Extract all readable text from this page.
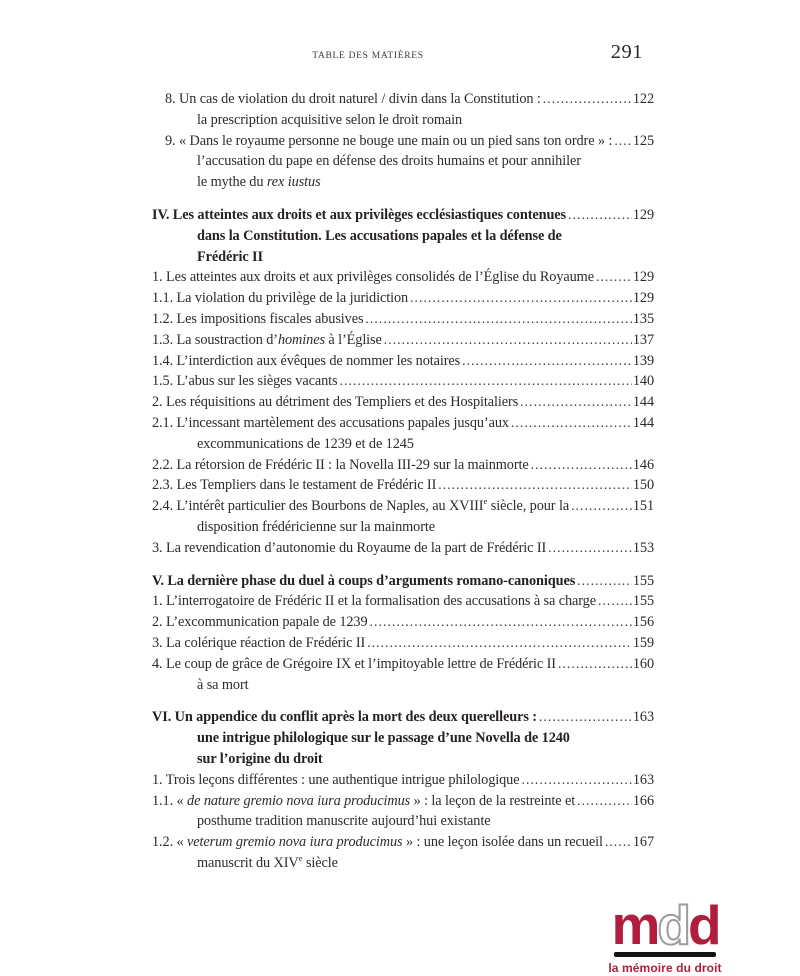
TABLE DES MATIÈRES	291
8. Un cas de violation du droit naturel / divin dans la Constitution : .....	122
la prescription acquisitive selon le droit romain
9. « Dans le royaume personne ne bouge une main ou un pied sans ton ordre » : ..... 125
l’accusation du pape en défense des droits humains et pour annihiler
le mythe du rex iustus
IV. Les atteintes aux droits et aux privilèges ecclésiastiques contenues .....	129
dans la Constitution. Les accusations papales et la défense de
Frédéric II
1. Les atteintes aux droits et aux privilèges consolidés de l’Église du Royaume .....	129
1.1. La violation du privilège de la juridiction .....	129
1.2. Les impositions fiscales abusives .....	135
1.3. La soustraction d’homines à l’Église .....	137
1.4. L’interdiction aux évêques de nommer les notaires .....	139
1.5. L’abus sur les sièges vacants .....	140
2. Les réquisitions au détriment des Templiers et des Hospitaliers .....	144
2.1. L’incessant martèlement des accusations papales jusqu’aux .....	144
excommunications de 1239 et de 1245
2.2. La rétorsion de Frédéric II : la Novella III-29 sur la mainmorte .....	146
2.3. Les Templiers dans le testament de Frédéric II .....	150
2.4. L’intérêt particulier des Bourbons de Naples, au XVIIIe siècle, pour la .....	151
disposition frédéricienne sur la mainmorte
3. La revendication d’autonomie du Royaume de la part de Frédéric II .....	153
V. La dernière phase du duel à coups d’arguments romano-canoniques .....	155
1. L’interrogatoire de Frédéric II et la formalisation des accusations à sa charge .....	155
2. L’excommunication papale de 1239 .....	156
3. La colérique réaction de Frédéric II .....	159
4. Le coup de grâce de Grégoire IX et l’impitoyable lettre de Frédéric II .....	160
à sa mort
VI. Un appendice du conflit après la mort des deux querelleurs : .....	163
une intrigue philologique sur le passage d’une Novella de 1240
sur l’origine du droit
1. Trois leçons différentes : une authentique intrigue philologique .....	163
1.1. « de nature gremio nova iura producimus » : la leçon de la restreinte et .....	166
posthume tradition manuscrite aujourd’hui existante
1.2. « veterum gremio nova iura producimus » : une leçon isolée dans un recueil ..... 167
manuscrit du XIVe siècle
mdd
la mémoire du droit
